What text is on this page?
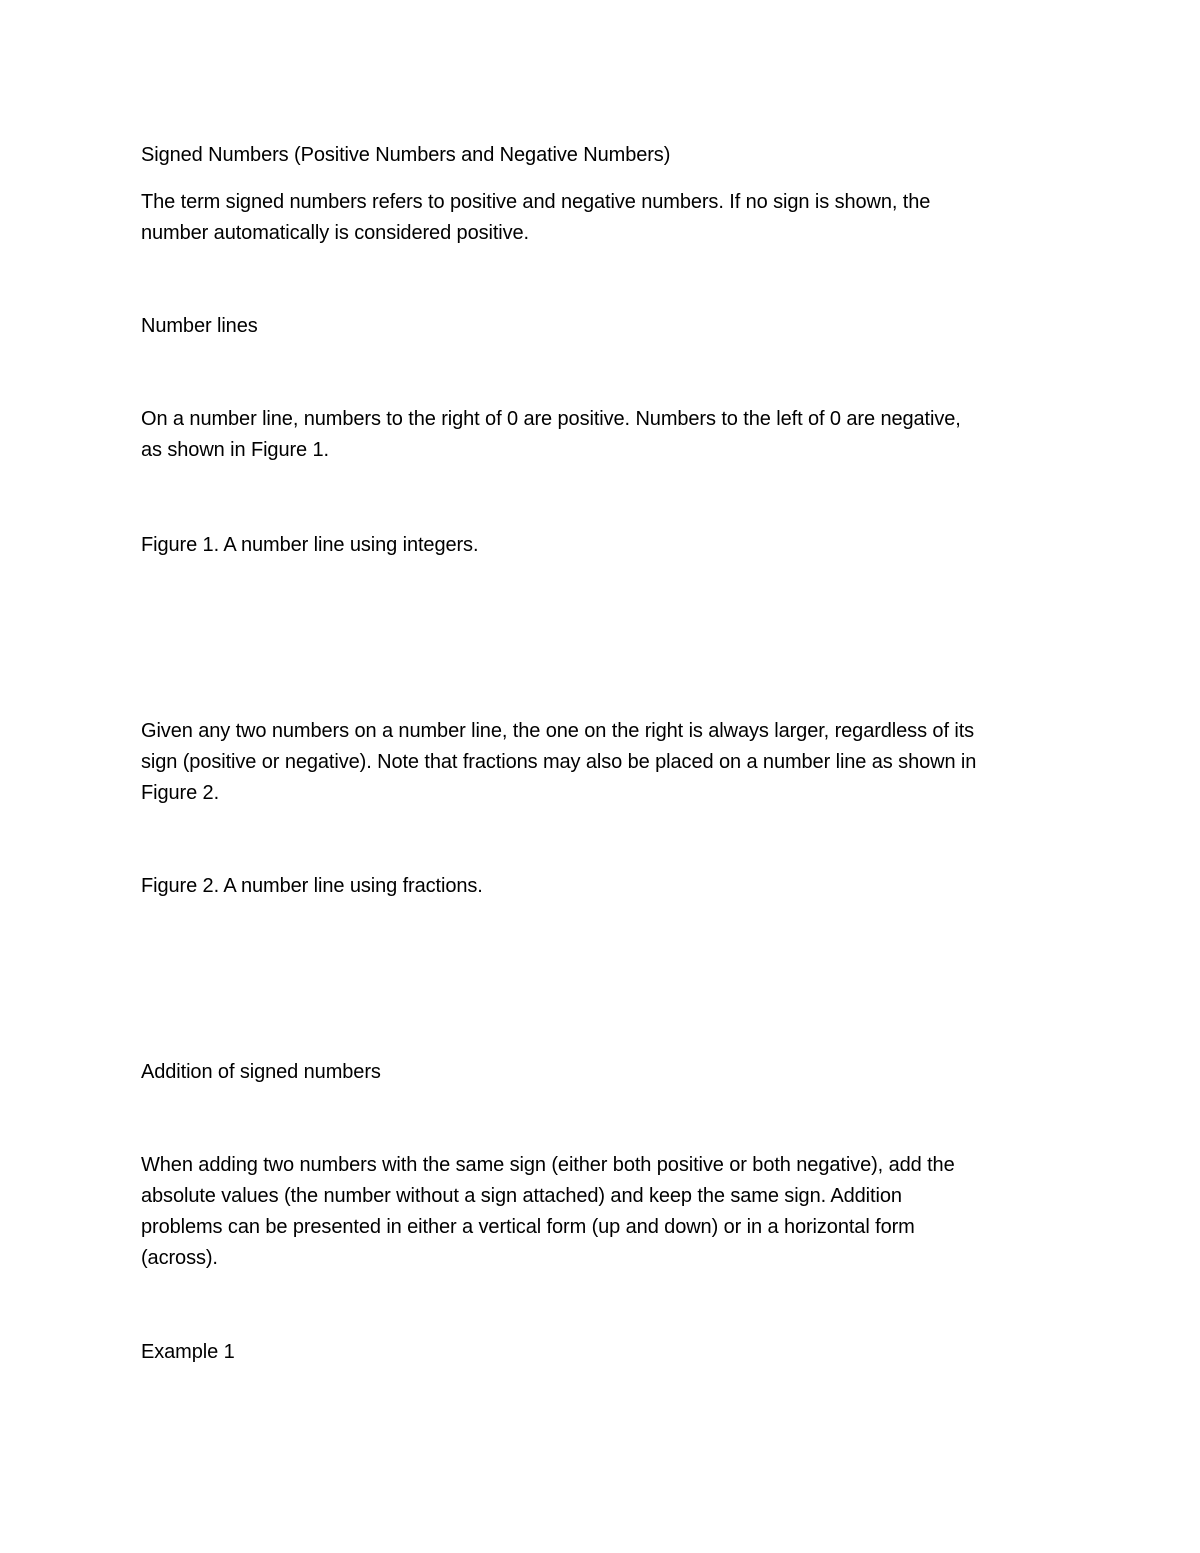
Signed Numbers (Positive Numbers and Negative Numbers)
The term signed numbers refers to positive and negative numbers. If no sign is shown, the
number automatically is considered positive.
Number lines
On a number line, numbers to the right of 0 are positive. Numbers to the left of 0 are negative,
as shown in Figure 1.
Figure 1. A number line using integers.
Given any two numbers on a number line, the one on the right is always larger, regardless of its
sign (positive or negative). Note that fractions may also be placed on a number line as shown in
Figure 2.
Figure 2. A number line using fractions.
Addition of signed numbers
When adding two numbers with the same sign (either both positive or both negative), add the
absolute values (the number without a sign attached) and keep the same sign. Addition
problems can be presented in either a vertical form (up and down) or in a horizontal form
(across).
Example 1
